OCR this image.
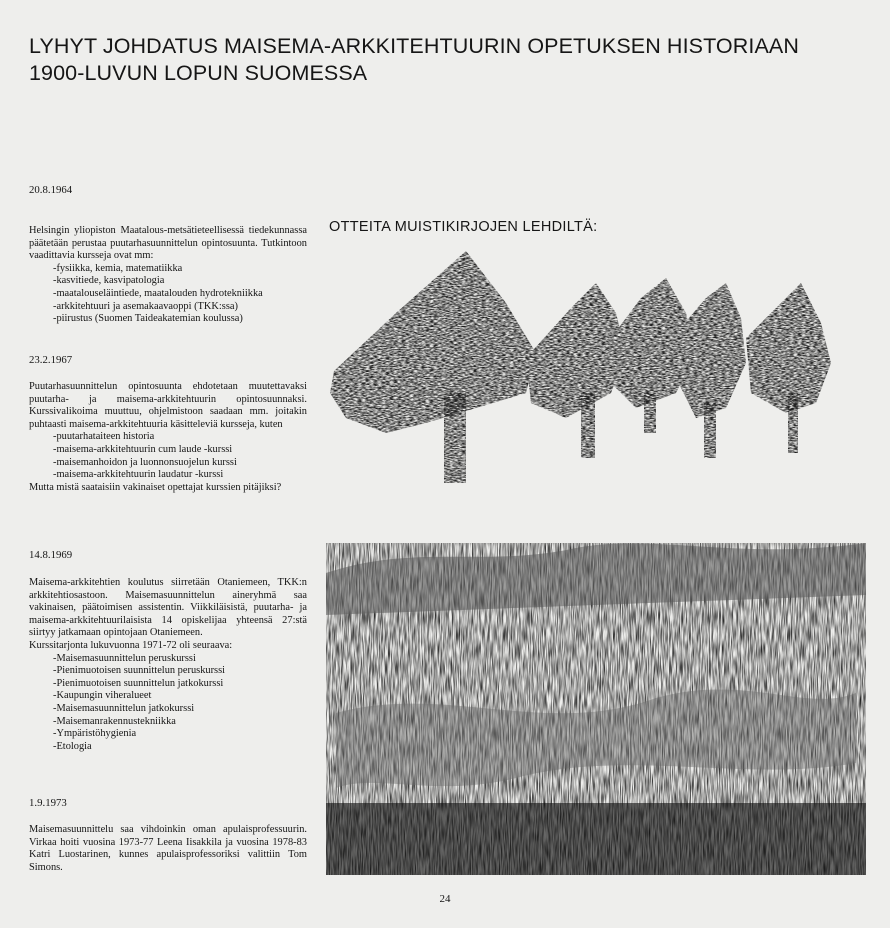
LYHYT JOHDATUS MAISEMA-ARKKITEHTUURIN OPETUKSEN HISTORIAAN
1900-LUVUN LOPUN SUOMESSA
20.8.1964

Helsingin yliopiston Maatalous-metsätieteellisessä tiedekunnassa päätetään perustaa puutarhasuunnittelun opintosuunta. Tutkintoon vaadittavia kursseja ovat mm:

-fysiikka, kemia, matematiikka
-kasvitiede, kasvipatologia
-maatalouseläintiede, maatalouden hydrotekniikka
-arkkitehtuuri ja asemakaavaoppi (TKK:ssa)
-piirustus (Suomen Taideakatemian koulussa)
23.2.1967

Puutarhasuunnittelun opintosuunta ehdotetaan muutettavaksi puutarha- ja maisema-arkkitehtuurin opintosuunnaksi. Kurssivalikoima muuttuu, ohjelmistoon saadaan mm. joitakin puhtaasti maisema-arkkitehtuuria käsitteleviä kursseja, kuten

-puutarhataiteen historia
-maisema-arkkitehtuurin cum laude -kurssi
-maisemanhoidon ja luonnonsuojelun kurssi
-maisema-arkkitehtuurin laudatur -kurssi

Mutta mistä saataisiin vakinaiset opettajat kurssien pitäjiksi?

14.8.1969

Maisema-arkkitehtien koulutus siirretään Otaniemeen, TKK:n arkkitehtiosastoon. Maisemasuunnittelun aineryhmä saa vakinaisen, päätoimisen assistentin. Viikkiläisistä, puutarha- ja maisema-arkkitehtuurilaisista 14 opiskelijaa yhteensä 27:stä siirtyy jatkamaan opintojaan Otaniemeen.

Kurssitarjonta lukuvuonna 1971-72 oli seuraava:

-Maisemasuunnittelun peruskurssi
-Pienimuotoisen suunnittelun peruskurssi
-Pienimuotoisen suunnittelun jatkokurssi
-Kaupungin viheralueet
-Maisemasuunnittelun jatkokurssi
-Maisemanrakennustekniikka
-Ympäristöhygienia
-Etologia
1.9.1973

Maisemasuunnittelu saa vihdoinkin oman apulaisprofessuurin. Virkaa hoiti vuosina 1973-77 Leena Iisakkila ja vuosina 1978-83 Katri Luostarinen, kunnes apulaisprofessoriksi valittiin Tom Simons.

OTTEITA MUISTIKIRJOJEN LEHDILTÄ:
24
